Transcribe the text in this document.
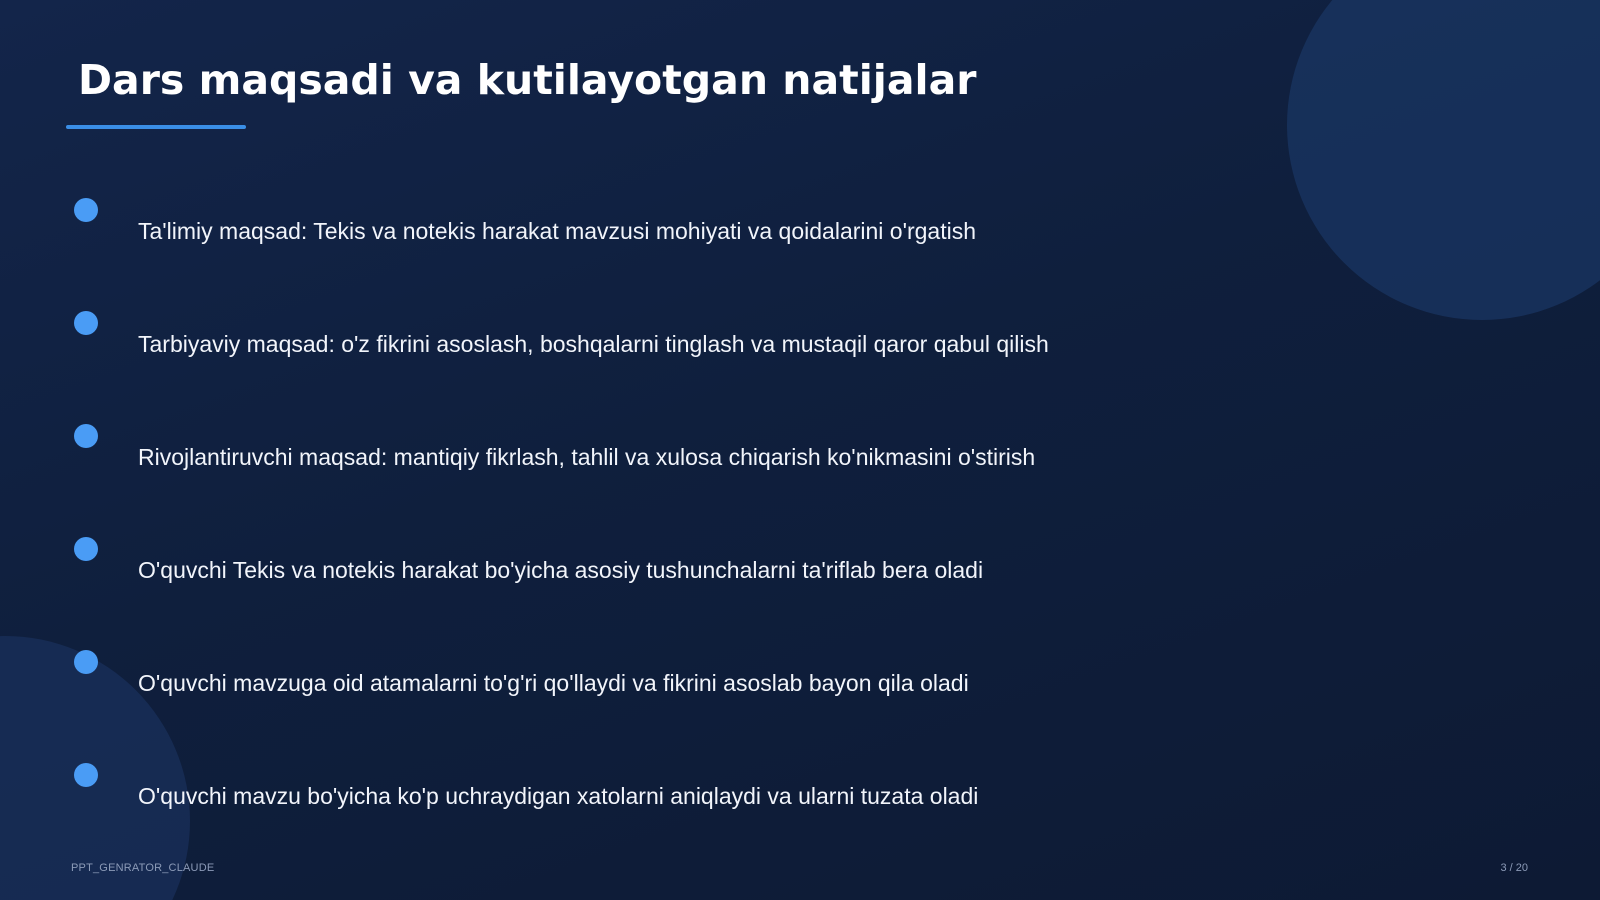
Dars maqsadi va kutilayotgan natijalar
Ta'limiy maqsad: Tekis va notekis harakat mavzusi mohiyati va qoidalarini o'rgatish
Tarbiyaviy maqsad: o'z fikrini asoslash, boshqalarni tinglash va mustaqil qaror qabul qilish
Rivojlantiruvchi maqsad: mantiqiy fikrlash, tahlil va xulosa chiqarish ko'nikmasini o'stirish
O'quvchi Tekis va notekis harakat bo'yicha asosiy tushunchalarni ta'riflab bera oladi
O'quvchi mavzuga oid atamalarni to'g'ri qo'llaydi va fikrini asoslab bayon qila oladi
O'quvchi mavzu bo'yicha ko'p uchraydigan xatolarni aniqlaydi va ularni tuzata oladi
PPT_GENRATOR_CLAUDE	3 / 20
